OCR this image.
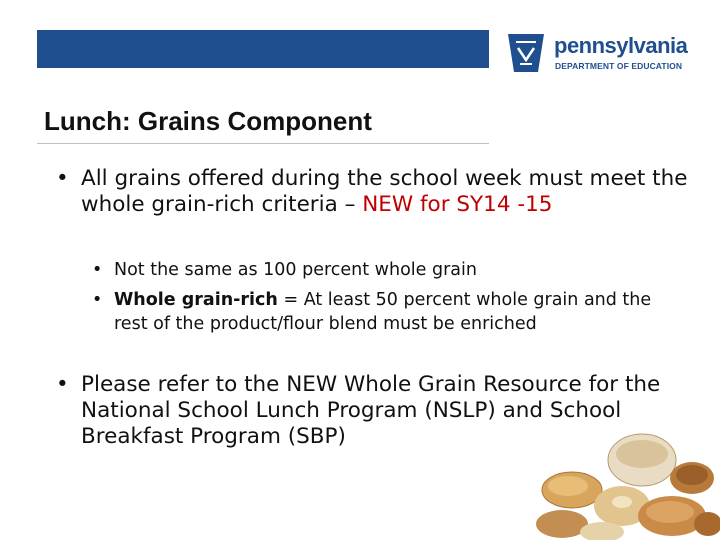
pennsylvania
DEPARTMENT OF EDUCATION
Lunch: Grains Component
• All grains offered during the school week must meet the whole grain-rich criteria – NEW for SY14 -15
• Not the same as 100 percent whole grain
• Whole grain-rich = At least 50 percent whole grain and the rest of the product/flour blend must be enriched
• Please refer to the NEW Whole Grain Resource for the National School Lunch Program (NSLP) and School Breakfast Program (SBP)
